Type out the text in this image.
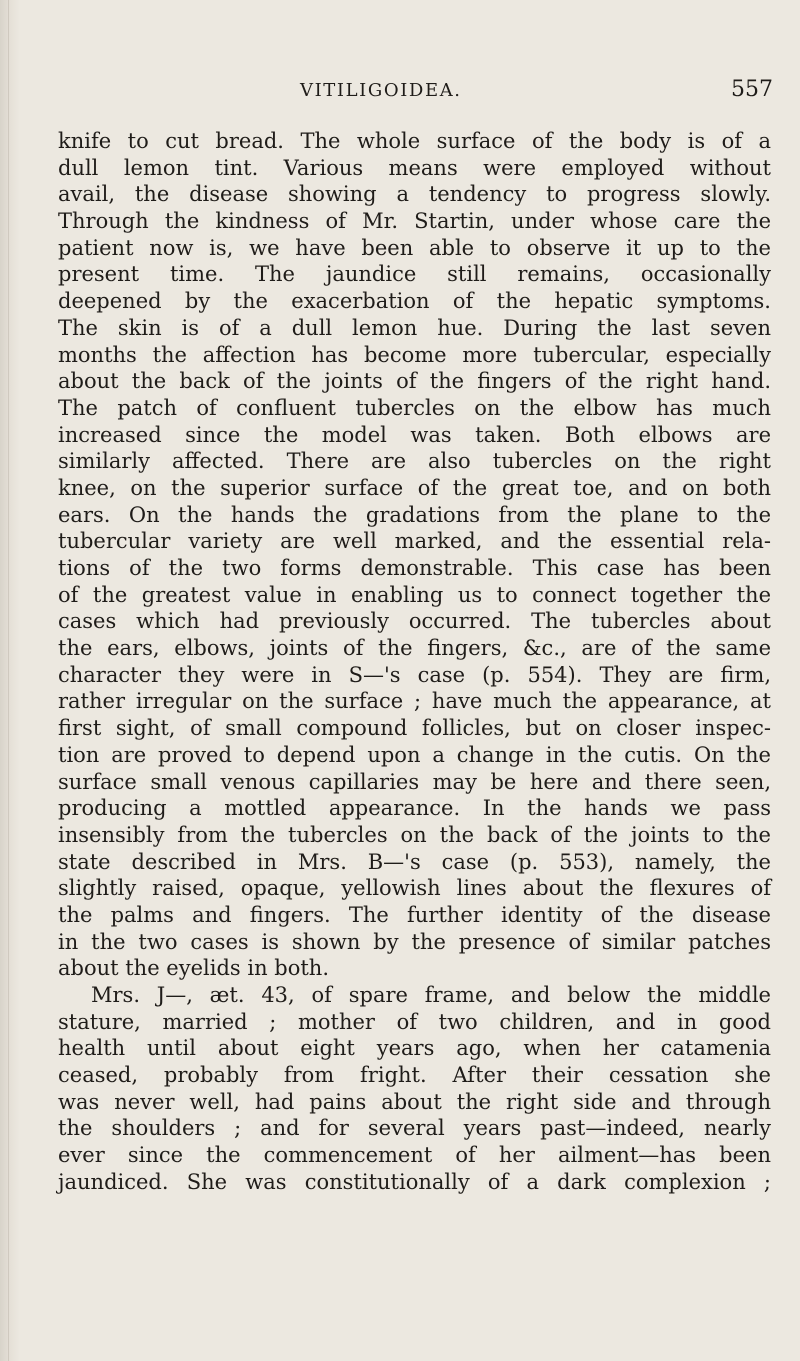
VITILIGOIDEA.	557
knife to cut bread. The whole surface of the body is of a
dull lemon tint. Various means were employed without
avail, the disease showing a tendency to progress slowly.
Through the kindness of Mr. Startin, under whose care the
patient now is, we have been able to observe it up to the
present time. The jaundice still remains, occasionally
deepened by the exacerbation of the hepatic symptoms.
The skin is of a dull lemon hue. During the last seven
months the affection has become more tubercular, especially
about the back of the joints of the fingers of the right hand.
The patch of confluent tubercles on the elbow has much
increased since the model was taken. Both elbows are
similarly affected. There are also tubercles on the right
knee, on the superior surface of the great toe, and on both
ears. On the hands the gradations from the plane to the
tubercular variety are well marked, and the essential rela-
tions of the two forms demonstrable. This case has been
of the greatest value in enabling us to connect together the
cases which had previously occurred. The tubercles about
the ears, elbows, joints of the fingers, &c., are of the same
character they were in S—'s case (p. 554). They are firm,
rather irregular on the surface ; have much the appearance, at
first sight, of small compound follicles, but on closer inspec-
tion are proved to depend upon a change in the cutis. On the
surface small venous capillaries may be here and there seen,
producing a mottled appearance. In the hands we pass
insensibly from the tubercles on the back of the joints to the
state described in Mrs. B—'s case (p. 553), namely, the
slightly raised, opaque, yellowish lines about the flexures of
the palms and fingers. The further identity of the disease
in the two cases is shown by the presence of similar patches
about the eyelids in both.
Mrs. J—, æt. 43, of spare frame, and below the middle
stature, married ; mother of two children, and in good
health until about eight years ago, when her catamenia
ceased, probably from fright. After their cessation she
was never well, had pains about the right side and through
the shoulders ; and for several years past—indeed, nearly
ever since the commencement of her ailment—has been
jaundiced. She was constitutionally of a dark complexion ;
